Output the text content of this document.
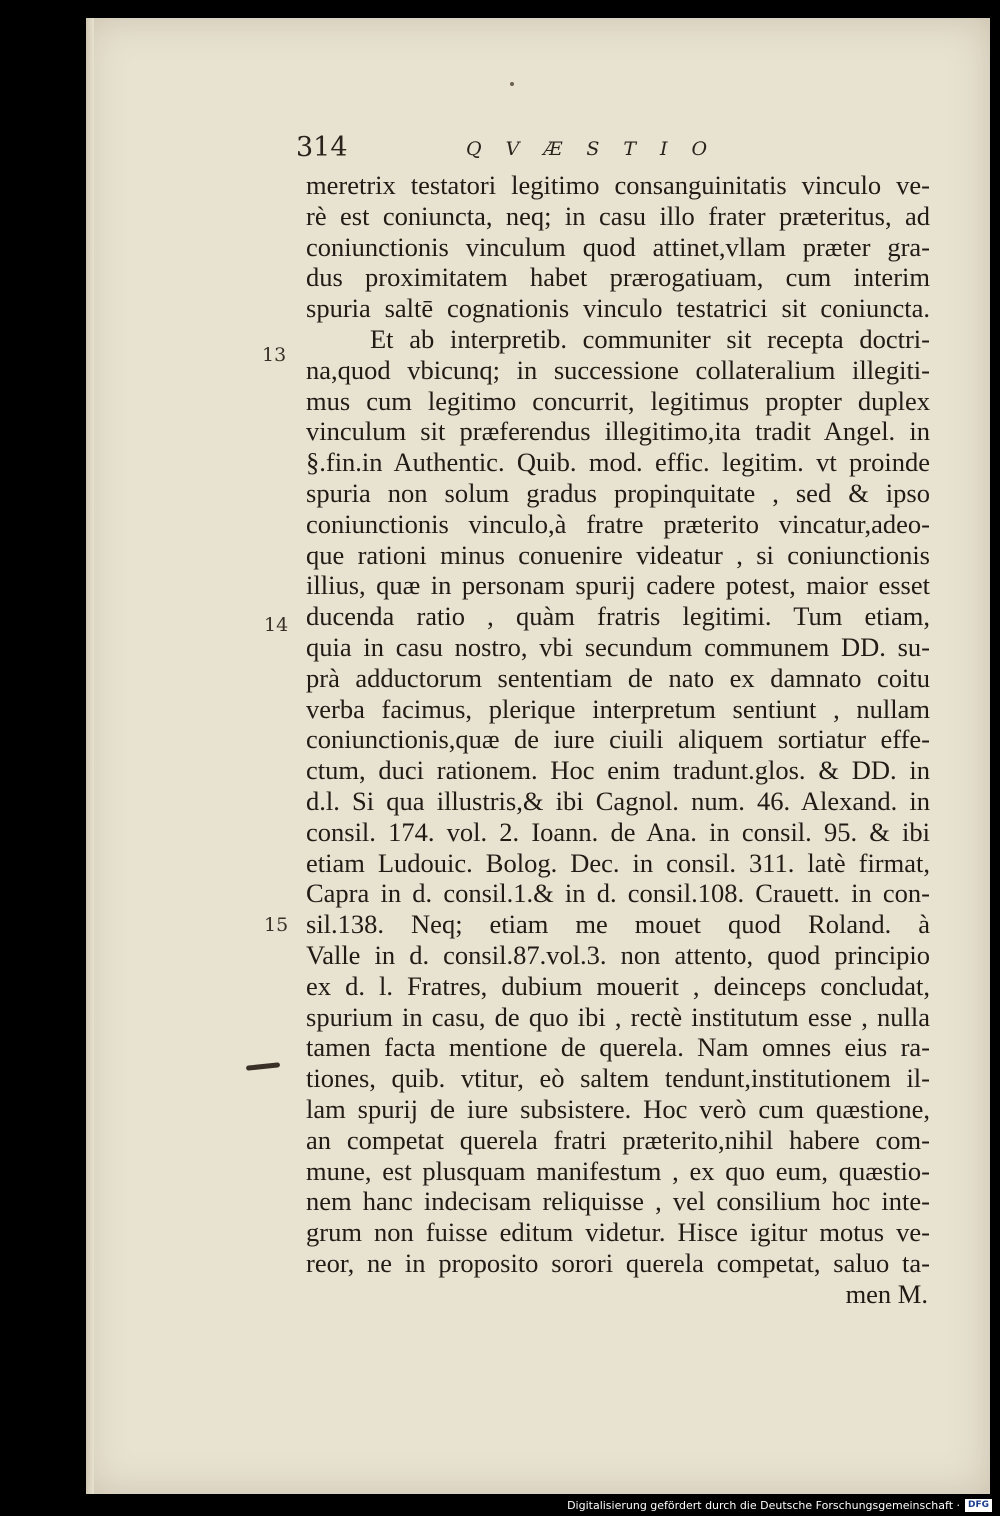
314	QVÆSTIO
13
14
15
meretrix testatori legitimo consanguinitatis vinculo ve-
rè est coniuncta, neq; in casu illo frater præteritus, ad
coniunctionis vinculum quod attinet,vllam præter gra-
dus proximitatem habet prærogatiuam, cum interim
spuria saltē cognationis vinculo testatrici sit coniuncta.
Et ab interpretib. communiter sit recepta doctri-
na,quod vbicunq; in successione collateralium illegiti-
mus cum legitimo concurrit, legitimus propter duplex
vinculum sit præferendus illegitimo,ita tradit Angel. in
§.fin.in Authentic. Quib. mod. effic. legitim. vt proinde
spuria non solum gradus propinquitate , sed & ipso
coniunctionis vinculo,à fratre præterito vincatur,adeo-
que rationi minus conuenire videatur , si coniunctionis
illius, quæ in personam spurij cadere potest, maior esset
ducenda ratio , quàm fratris legitimi. Tum etiam,
quia in casu nostro, vbi secundum communem DD. su-
prà adductorum sententiam de nato ex damnato coitu
verba facimus, plerique interpretum sentiunt , nullam
coniunctionis,quæ de iure ciuili aliquem sortiatur effe-
ctum, duci rationem. Hoc enim tradunt.glos. & DD. in
d.l. Si qua illustris,& ibi Cagnol. num. 46. Alexand. in
consil. 174. vol. 2. Ioann. de Ana. in consil. 95. & ibi
etiam Ludouic. Bolog. Dec. in consil. 311. latè firmat,
Capra in d. consil.1.& in d. consil.108. Crauett. in con-
sil.138. Neq; etiam me mouet quod Roland. à
Valle in d. consil.87.vol.3. non attento, quod principio
ex d. l. Fratres, dubium mouerit , deinceps concludat,
spurium in casu, de quo ibi , rectè institutum esse , nulla
tamen facta mentione de querela. Nam omnes eius ra-
tiones, quib. vtitur, eò saltem tendunt,institutionem il-
lam spurij de iure subsistere. Hoc verò cum quæstione,
an competat querela fratri præterito,nihil habere com-
mune, est plusquam manifestum , ex quo eum, quæstio-
nem hanc indecisam reliquisse , vel consilium hoc inte-
grum non fuisse editum videtur. Hisce igitur motus ve-
reor, ne in proposito sorori querela competat, saluo ta-
men M.
Digitalisierung gefördert durch die Deutsche Forschungsgemeinschaft · DFG
